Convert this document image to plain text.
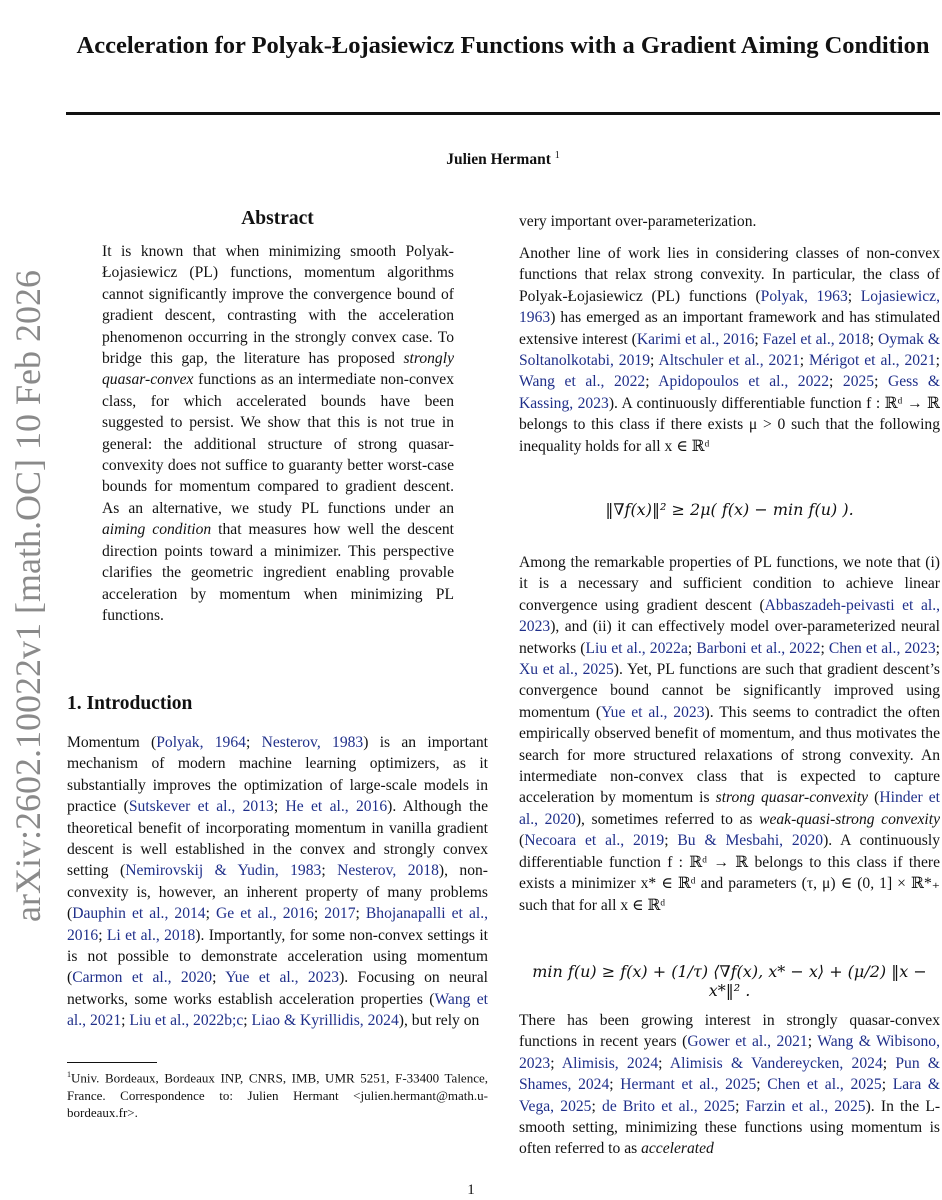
arXiv:2602.10022v1 [math.OC] 10 Feb 2026
Acceleration for Polyak-Łojasiewicz Functions with a Gradient Aiming Condition
Julien Hermant $^1$
Abstract
It is known that when minimizing smooth Polyak-Łojasiewicz (PL) functions, momentum algorithms cannot significantly improve the convergence bound of gradient descent, contrasting with the acceleration phenomenon occurring in the strongly convex case. To bridge this gap, the literature has proposed strongly quasar-convex functions as an intermediate non-convex class, for which accelerated bounds have been suggested to persist. We show that this is not true in general: the additional structure of strong quasar-convexity does not suffice to guaranty better worst-case bounds for momentum compared to gradient descent. As an alternative, we study PL functions under an aiming condition that measures how well the descent direction points toward a minimizer. This perspective clarifies the geometric ingredient enabling provable acceleration by momentum when minimizing PL functions.
1. Introduction
Momentum (Polyak, 1964; Nesterov, 1983) is an important mechanism of modern machine learning optimizers, as it substantially improves the optimization of large-scale models in practice (Sutskever et al., 2013; He et al., 2016). Although the theoretical benefit of incorporating momentum in vanilla gradient descent is well established in the convex and strongly convex setting (Nemirovskij & Yudin, 1983; Nesterov, 2018), non-convexity is, however, an inherent property of many problems (Dauphin et al., 2014; Ge et al., 2016; 2017; Bhojanapalli et al., 2016; Li et al., 2018). Importantly, for some non-convex settings it is not possible to demonstrate acceleration using momentum (Carmon et al., 2020; Yue et al., 2023). Focusing on neural networks, some works establish acceleration properties (Wang et al., 2021; Liu et al., 2022b;c; Liao & Kyrillidis, 2024), but rely on
$^1$Univ. Bordeaux, Bordeaux INP, CNRS, IMB, UMR 5251, F-33400 Talence, France. Correspondence to: Julien Hermant <julien.hermant@math.u-bordeaux.fr>.
Another line of work lies in considering classes of non-convex functions that relax strong convexity. In particular, the class of Polyak-Łojasiewicz (PL) functions (Polyak, 1963; Lojasiewicz, 1963) has emerged as an important framework and has stimulated extensive interest (Karimi et al., 2016; Fazel et al., 2018; Oymak & Soltanolkotabi, 2019; Altschuler et al., 2021; Mérigot et al., 2021; Wang et al., 2022; Apidopoulos et al., 2022; 2025; Gess & Kassing, 2023). A continuously differentiable function f : ℝᵈ → ℝ belongs to this class if there exists μ > 0 such that the following inequality holds for all x ∈ ℝᵈ
‖∇f(x)‖² ≥ 2μ( f(x) − min f(u) ).
Among the remarkable properties of PL functions, we note that (i) it is a necessary and sufficient condition to achieve linear convergence using gradient descent (Abbaszadeh-peivasti et al., 2023), and (ii) it can effectively model over-parameterized neural networks (Liu et al., 2022a; Barboni et al., 2022; Chen et al., 2023; Xu et al., 2025). Yet, PL functions are such that gradient descent’s convergence bound cannot be significantly improved using momentum (Yue et al., 2023). This seems to contradict the often empirically observed benefit of momentum, and thus motivates the search for more structured relaxations of strong convexity. An intermediate non-convex class that is expected to capture acceleration by momentum is strong quasar-convexity (Hinder et al., 2020), sometimes referred to as weak-quasi-strong convexity (Necoara et al., 2019; Bu & Mesbahi, 2020). A continuously differentiable function f : ℝᵈ → ℝ belongs to this class if there exists a minimizer x* ∈ ℝᵈ and parameters (τ, μ) ∈ (0, 1] × ℝ*₊ such that for all x ∈ ℝᵈ
min f(u) ≥ f(x) + (1/τ) ⟨∇f(x), x* − x⟩ + (μ/2) ‖x − x*‖² .
There has been growing interest in strongly quasar-convex functions in recent years (Gower et al., 2021; Wang & Wibisono, 2023; Alimisis, 2024; Alimisis & Vandereycken, 2024; Pun & Shames, 2024; Hermant et al., 2025; Chen et al., 2025; Lara & Vega, 2025; de Brito et al., 2025; Farzin et al., 2025). In the L-smooth setting, minimizing these functions using momentum is often referred to as accelerated
1
very important over-parameterization.
